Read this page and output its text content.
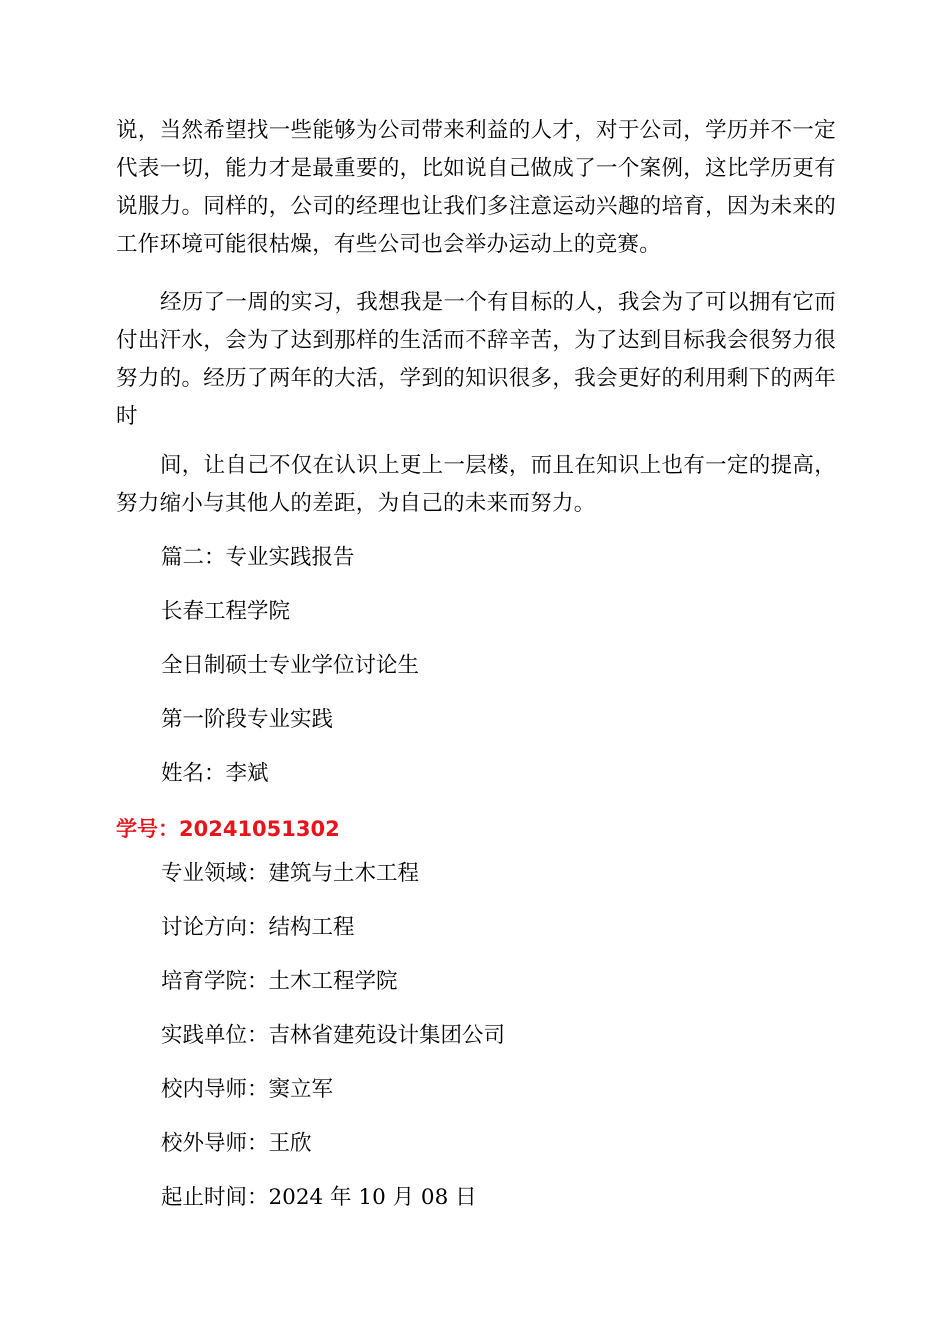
说，当然希望找一些能够为公司带来利益的人才，对于公司，学历并不一定代表一切，能力才是最重要的，比如说自己做成了一个案例，这比学历更有说服力。同样的，公司的经理也让我们多注意运动兴趣的培育，因为未来的工作环境可能很枯燥，有些公司也会举办运动上的竞赛。

经历了一周的实习，我想我是一个有目标的人，我会为了可以拥有它而付出汗水，会为了达到那样的生活而不辞辛苦，为了达到目标我会很努力很努力的。经历了两年的大活，学到的知识很多，我会更好的利用剩下的两年时

间，让自己不仅在认识上更上一层楼，而且在知识上也有一定的提高，努力缩小与其他人的差距，为自己的未来而努力。

篇二：专业实践报告

长春工程学院

全日制硕士专业学位讨论生

第一阶段专业实践

姓名：李斌

学号：20241051302

专业领域：建筑与土木工程

讨论方向：结构工程

培育学院：土木工程学院

实践单位：吉林省建苑设计集团公司

校内导师：窦立军

校外导师：王欣

起止时间：2024 年 10 月 08 日
